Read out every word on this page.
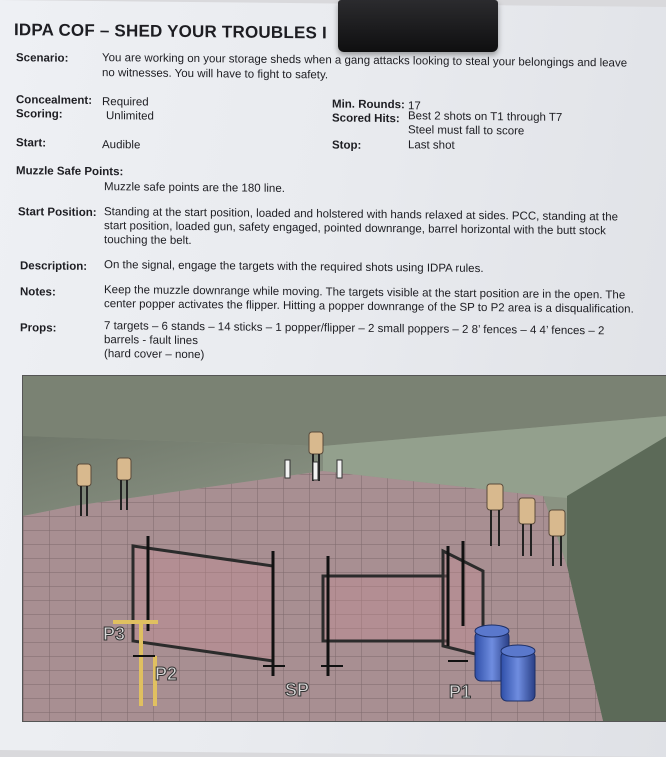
IDPA COF – SHED YOUR TROUBLES I
Scenario:	You are working on your storage sheds when a gang attacks looking to steal your belongings and leave
no witnesses. You will have to fight to safety.
Concealment: Required
Scoring:	Unlimited
Min. Rounds: 17
Scored Hits: Best 2 shots on T1 through T7
Steel must fall to score
Start:	Audible	Stop:	Last shot
Muzzle Safe Points:
Muzzle safe points are the 180 line.
Start Position: Standing at the start position, loaded and holstered with hands relaxed at sides. PCC, standing at the
start position, loaded gun, safety engaged, pointed downrange, barrel horizontal with the butt stock
touching the belt.
Description: On the signal, engage the targets with the required shots using IDPA rules.
Notes:	Keep the muzzle downrange while moving. The targets visible at the start position are in the open. The
center popper activates the flipper. Hitting a popper downrange of the SP to P2 area is a disqualification.
Props:	7 targets – 6 stands – 14 sticks – 1 popper/flipper – 2 small poppers – 2 8’ fences – 4 4’ fences – 2
barrels - fault lines
(hard cover – none)
P3
P2
SP	P1
